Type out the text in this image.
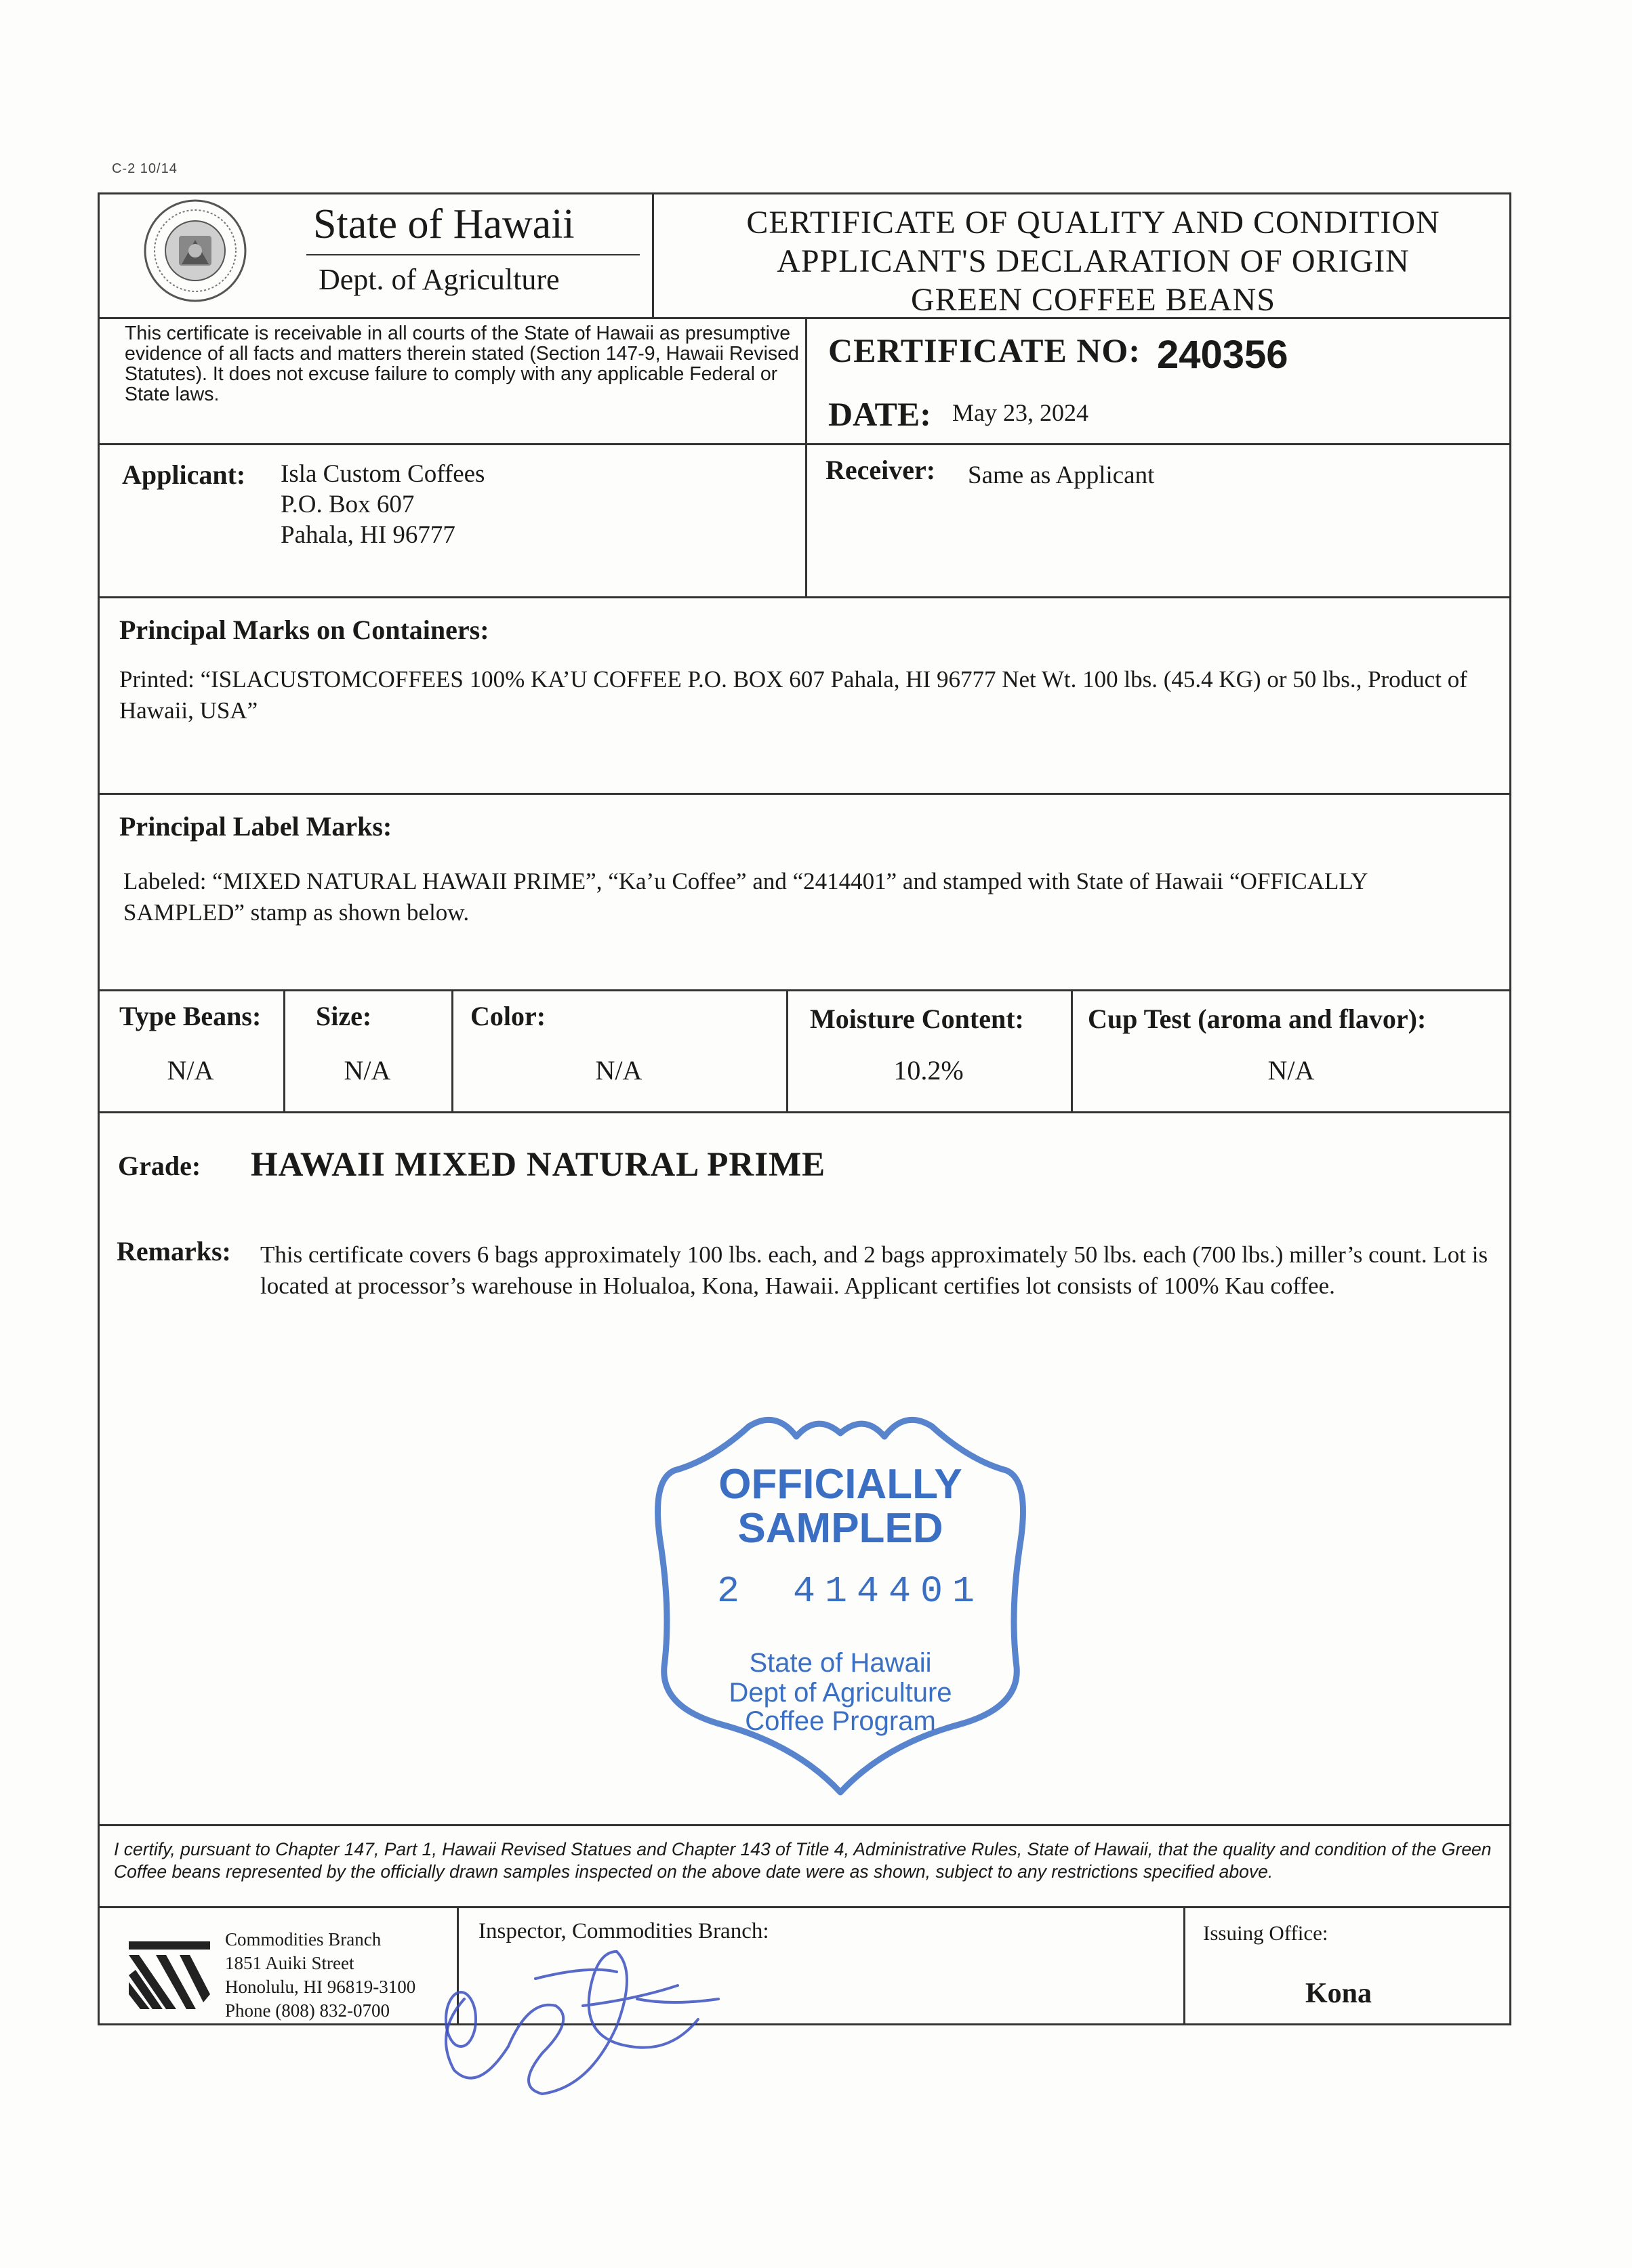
C-2 10/14
State of Hawaii
Dept. of Agriculture
CERTIFICATE OF QUALITY AND CONDITION
APPLICANT'S DECLARATION OF ORIGIN
GREEN COFFEE BEANS
This certificate is receivable in all courts of the State of Hawaii as presumptive evidence of all facts and matters therein stated (Section 147-9, Hawaii Revised Statutes). It does not excuse failure to comply with any applicable Federal or State laws.
CERTIFICATE NO: 240356
DATE: May 23, 2024
Applicant: Isla Custom Coffees
P.O. Box 607
Pahala, HI 96777
Receiver: Same as Applicant
Principal Marks on Containers:
Printed: “ISLACUSTOMCOFFEES 100% KA’U COFFEE P.O. BOX 607 Pahala, HI 96777 Net Wt. 100 lbs. (45.4 KG) or 50 lbs., Product of Hawaii, USA”
Principal Label Marks:
Labeled: “MIXED NATURAL HAWAII PRIME”, “Ka’u Coffee” and “2414401” and stamped with State of Hawaii “OFFICALLY SAMPLED” stamp as shown below.
Type Beans:
N/A
Size:
N/A
Color:
N/A
Moisture Content:
10.2%
Cup Test (aroma and flavor):
N/A
Grade: HAWAII MIXED NATURAL PRIME
Remarks: This certificate covers 6 bags approximately 100 lbs. each, and 2 bags approximately 50 lbs. each (700 lbs.) miller’s count. Lot is located at processor’s warehouse in Holualoa, Kona, Hawaii. Applicant certifies lot consists of 100% Kau coffee.
OFFICIALLY
SAMPLED
2 414401
State of Hawaii
Dept of Agriculture
Coffee Program
I certify, pursuant to Chapter 147, Part 1, Hawaii Revised Statues and Chapter 143 of Title 4, Administrative Rules, State of Hawaii, that the quality and condition of the Green Coffee beans represented by the officially drawn samples inspected on the above date were as shown, subject to any restrictions specified above.
Commodities Branch
1851 Auiki Street
Honolulu, HI 96819-3100
Phone (808) 832-0700
Inspector, Commodities Branch:	Issuing Office:
Kona
